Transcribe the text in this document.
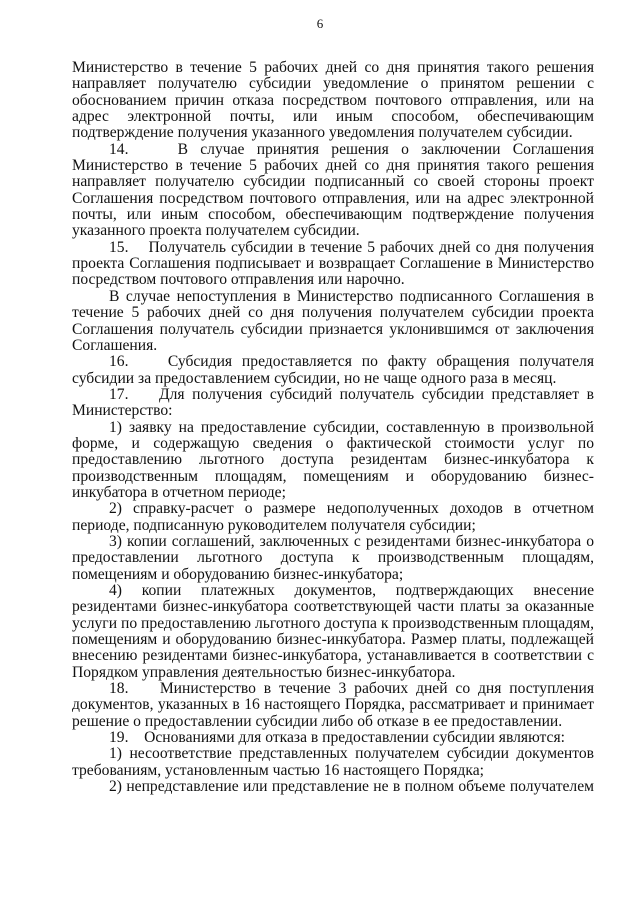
6

Министерство в течение 5 рабочих дней со дня принятия такого решения направляет получателю субсидии уведомление о принятом решении с обоснованием причин отказа посредством почтового отправления, или на адрес электронной почты, или иным способом, обеспечивающим подтверждение получения указанного уведомления получателем субсидии.

14.    В случае принятия решения о заключении Соглашения Министерство в течение 5 рабочих дней со дня принятия такого решения направляет получателю субсидии подписанный со своей стороны проект Соглашения посредством почтового отправления, или на адрес электронной почты, или иным способом, обеспечивающим подтверждение получения указанного проекта получателем субсидии.

15.    Получатель субсидии в течение 5 рабочих дней со дня получения проекта Соглашения подписывает и возвращает Соглашение в Министерство посредством почтового отправления или нарочно.

В случае непоступления в Министерство подписанного Соглашения в течение 5 рабочих дней со дня получения получателем субсидии проекта Соглашения получатель субсидии признается уклонившимся от заключения Соглашения.

16.    Субсидия предоставляется по факту обращения получателя субсидии за предоставлением субсидии, но не чаще одного раза в месяц.

17.    Для получения субсидий получатель субсидии представляет в Министерство:

1) заявку на предоставление субсидии, составленную в произвольной форме, и содержащую сведения о фактической стоимости услуг по предоставлению льготного доступа резидентам бизнес-инкубатора к производственным площадям, помещениям и оборудованию бизнес-инкубатора в отчетном периоде;

2) справку-расчет о размере недополученных доходов в отчетном периоде, подписанную руководителем получателя субсидии;

3) копии соглашений, заключенных с резидентами бизнес-инкубатора о предоставлении льготного доступа к производственным площадям, помещениям и оборудованию бизнес-инкубатора;

4) копии платежных документов, подтверждающих внесение резидентами бизнес-инкубатора соответствующей части платы за оказанные услуги по предоставлению льготного доступа к производственным площадям, помещениям и оборудованию бизнес-инкубатора. Размер платы, подлежащей внесению резидентами бизнес-инкубатора, устанавливается в соответствии с Порядком управления деятельностью бизнес-инкубатора.

18.    Министерство в течение 3 рабочих дней со дня поступления документов, указанных в 16 настоящего Порядка, рассматривает и принимает решение о предоставлении субсидии либо об отказе в ее предоставлении.

19.    Основаниями для отказа в предоставлении субсидии являются:

1) несоответствие представленных получателем субсидии документов требованиям, установленным частью 16 настоящего Порядка;

2) непредставление или представление не в полном объеме получателем
